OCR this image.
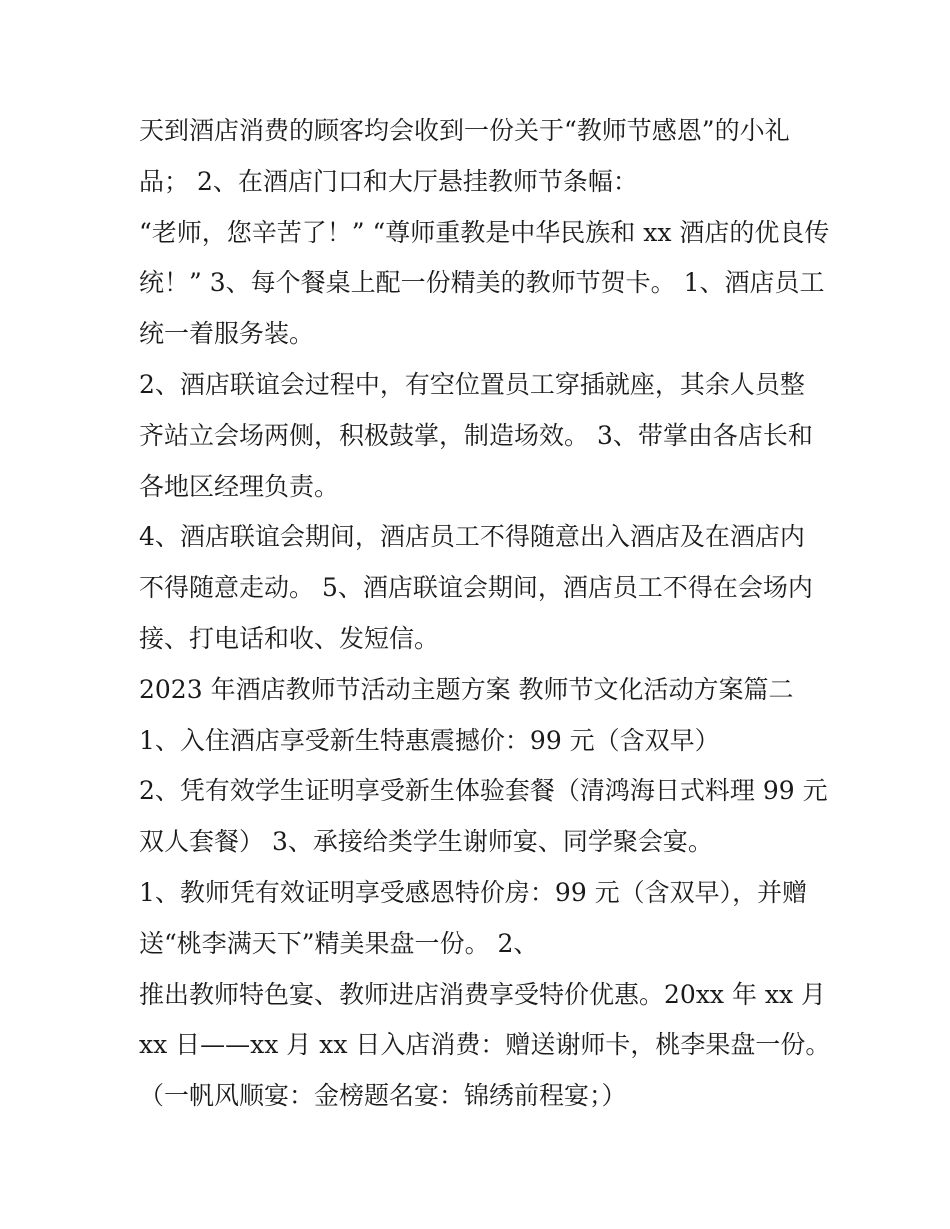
天到酒店消费的顾客均会收到一份关于“教师节感恩”的小礼
品； 2、在酒店门口和大厅悬挂教师节条幅：
“老师，您辛苦了！” “尊师重教是中华民族和 xx 酒店的优良传
统！” 3、每个餐桌上配一份精美的教师节贺卡。 1、酒店员工
统一着服务装。
2、酒店联谊会过程中，有空位置员工穿插就座，其余人员整
齐站立会场两侧，积极鼓掌，制造场效。 3、带掌由各店长和
各地区经理负责。
4、酒店联谊会期间，酒店员工不得随意出入酒店及在酒店内
不得随意走动。 5、酒店联谊会期间，酒店员工不得在会场内
接、打电话和收、发短信。
2023 年酒店教师节活动主题方案 教师节文化活动方案篇二
1、入住酒店享受新生特惠震撼价：99 元（含双早）
2、凭有效学生证明享受新生体验套餐（清鸿海日式料理 99 元
双人套餐） 3、承接给类学生谢师宴、同学聚会宴。
1、教师凭有效证明享受感恩特价房：99 元（含双早），并赠
送“桃李满天下”精美果盘一份。 2、
推出教师特色宴、教师进店消费享受特价优惠。20xx 年 xx 月
xx 日——xx 月 xx 日入店消费：赠送谢师卡，桃李果盘一份。
（一帆风顺宴：金榜题名宴：锦绣前程宴；）
